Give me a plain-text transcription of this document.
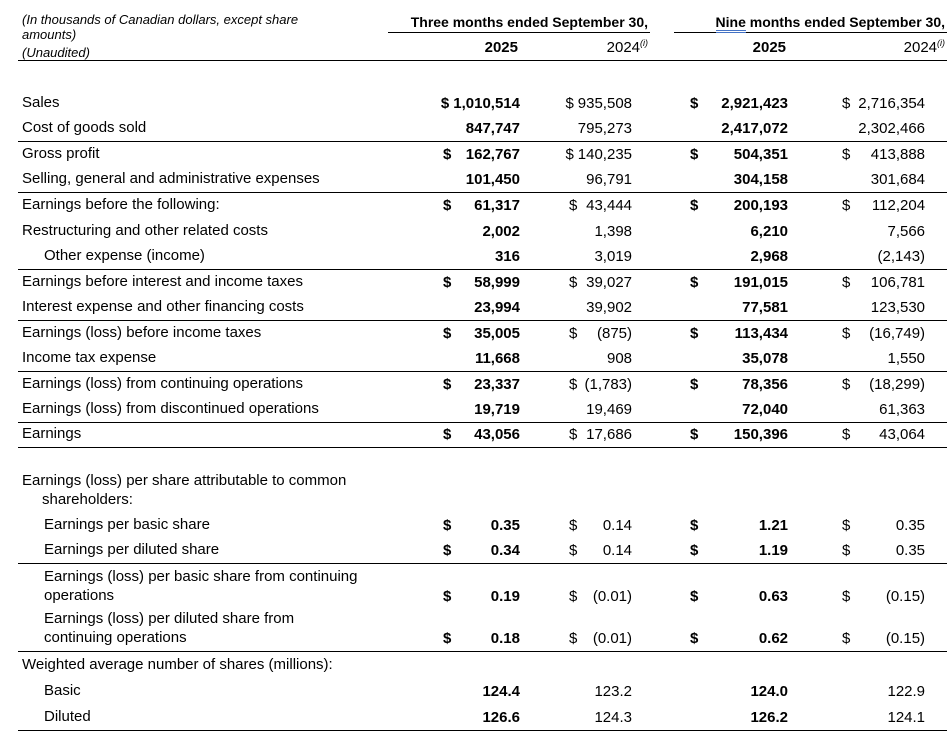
(In thousands of Canadian dollars, except share
amounts)
(Unaudited)	Three months ended September 30,		Nine months ended September 30,	

	2025	2024$^{(i)}$	2025	2024$^{(i)}$

Sales	$ 1,010,514	$ 935,508	$ 2,921,423	$ 2,716,354

Cost of goods sold	847,747	795,273	2,417,072	2,302,466

Gross profit	$ 162,767	$ 140,235	$ 504,351	$ 413,888

Selling, general and administrative expenses	101,450	96,791	304,158	301,684

Earnings before the following:	$ 61,317	$ 43,444	$ 200,193	$ 112,204

Restructuring and other related costs	2,002	1,398	6,210	7,566

Other expense (income)	316	3,019	2,968	(2,143)

Earnings before interest and income taxes	$ 58,999	$ 39,027	$ 191,015	$ 106,781

Interest expense and other financing costs	23,994	39,902	77,581	123,530

Earnings (loss) before income taxes	$ 35,005	$ (875)	$ 113,434	$ (16,749)

Income tax expense	11,668	908	35,078	1,550

Earnings (loss) from continuing operations	$ 23,337	$ (1,783)	$ 78,356	$ (18,299)

Earnings (loss) from discontinued operations	19,719	19,469	72,040	61,363

Earnings	$ 43,056	$ 17,686	$ 150,396	$ 43,064

Earnings (loss) per share attributable to common
shareholders:				

Earnings per basic share	$ 0.35	$ 0.14	$ 1.21	$ 0.35

Earnings per diluted share	$ 0.34	$ 0.14	$ 1.19	$ 0.35

Earnings (loss) per basic share from continuing
operations	$	0.19	$ (0.01)	$	0.63	$ (0.15)

Earnings (loss) per diluted share from
continuing operations	$	0.18	$ (0.01)	$	0.62	$ (0.15)

Weighted average number of shares (millions):				

Basic	124.4	123.2	124.0	122.9

Diluted	126.6	124.3	126.2	124.1
